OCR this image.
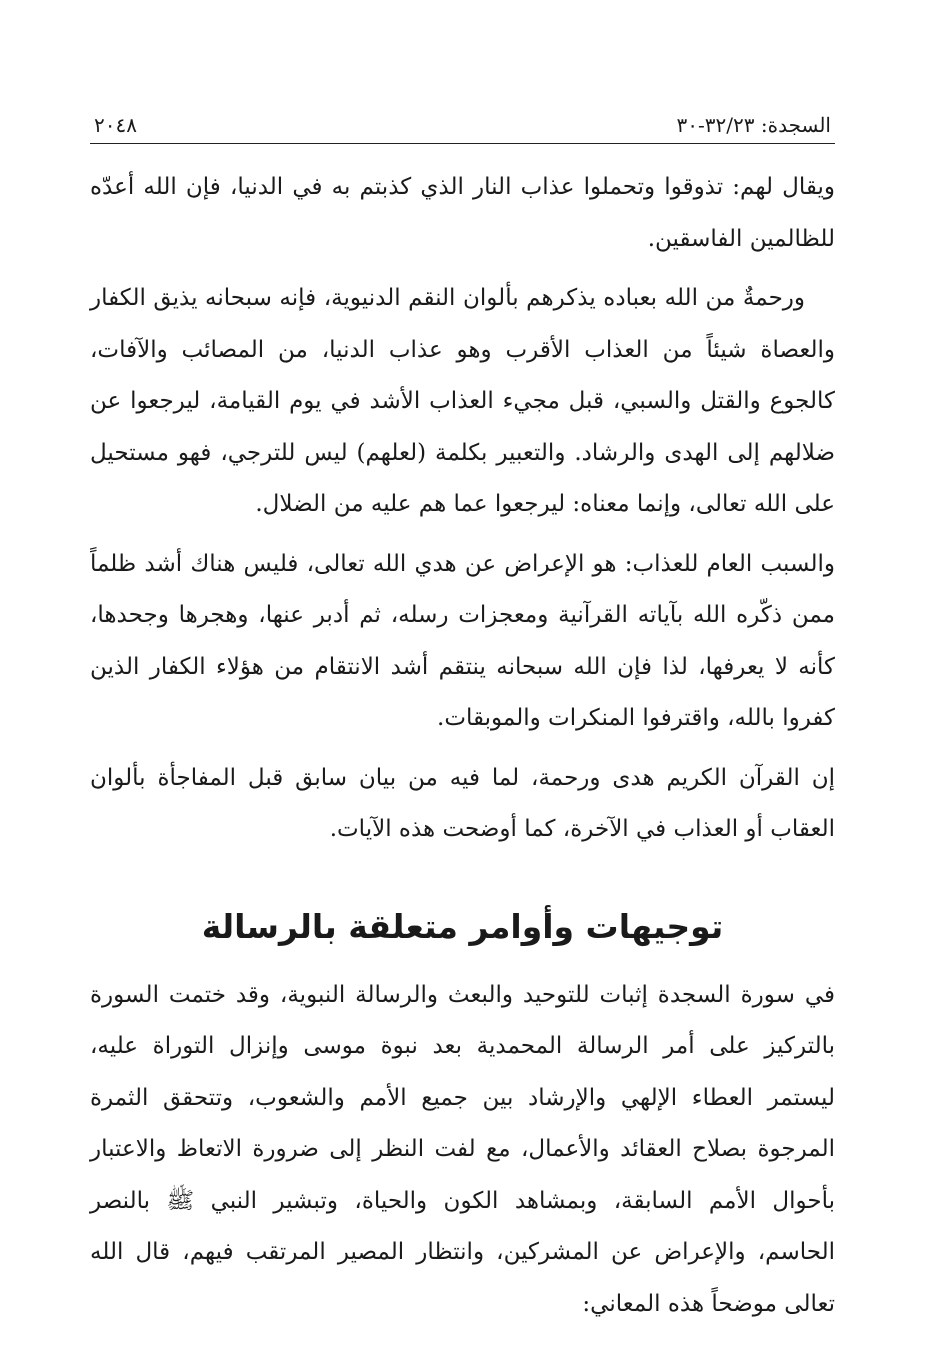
السجدة: ٣٢/٢٣-٣٠
٢٠٤٨

ويقال لهم: تذوقوا وتحملوا عذاب النار الذي كذبتم به في الدنيا، فإن الله أعدّه للظالمين الفاسقين.

ورحمةٌ من الله بعباده يذكرهم بألوان النقم الدنيوية، فإنه سبحانه يذيق الكفار والعصاة شيئاً من العذاب الأقرب وهو عذاب الدنيا، من المصائب والآفات، كالجوع والقتل والسبي، قبل مجيء العذاب الأشد في يوم القيامة، ليرجعوا عن ضلالهم إلى الهدى والرشاد. والتعبير بكلمة (لعلهم) ليس للترجي، فهو مستحيل على الله تعالى، وإنما معناه: ليرجعوا عما هم عليه من الضلال.

والسبب العام للعذاب: هو الإعراض عن هدي الله تعالى، فليس هناك أشد ظلماً ممن ذكّره الله بآياته القرآنية ومعجزات رسله، ثم أدبر عنها، وهجرها وجحدها، كأنه لا يعرفها، لذا فإن الله سبحانه ينتقم أشد الانتقام من هؤلاء الكفار الذين كفروا بالله، واقترفوا المنكرات والموبقات.

إن القرآن الكريم هدى ورحمة، لما فيه من بيان سابق قبل المفاجأة بألوان العقاب أو العذاب في الآخرة، كما أوضحت هذه الآيات.

توجيهات وأوامر متعلقة بالرسالة

في سورة السجدة إثبات للتوحيد والبعث والرسالة النبوية، وقد ختمت السورة بالتركيز على أمر الرسالة المحمدية بعد نبوة موسى وإنزال التوراة عليه، ليستمر العطاء الإلهي والإرشاد بين جميع الأمم والشعوب، وتتحقق الثمرة المرجوة بصلاح العقائد والأعمال، مع لفت النظر إلى ضرورة الاتعاظ والاعتبار بأحوال الأمم السابقة، وبمشاهد الكون والحياة، وتبشير النبي ﷺ بالنصر الحاسم، والإعراض عن المشركين، وانتظار المصير المرتقب فيهم، قال الله تعالى موضحاً هذه المعاني:
